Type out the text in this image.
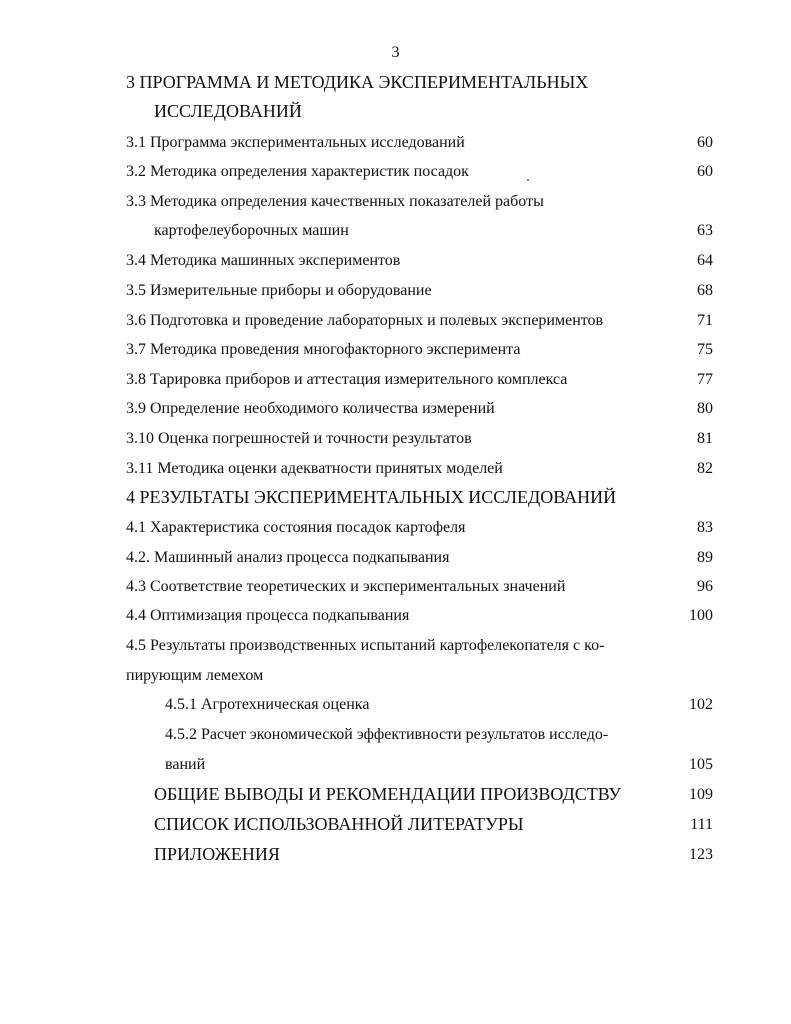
3
3 ПРОГРАММА И МЕТОДИКА ЭКСПЕРИМЕНТАЛЬНЫХ
ИССЛЕДОВАНИЙ
3.1 Программа экспериментальных исследований	60
3.2 Методика определения характеристик посадок	60
3.3 Методика определения качественных показателей работы
картофелеуборочных машин	63
3.4 Методика машинных экспериментов	64
3.5 Измерительные приборы и оборудование	68
3.6 Подготовка и проведение лабораторных и полевых экспериментов	71
3.7 Методика проведения многофакторного эксперимента	75
3.8 Тарировка приборов и аттестация измерительного комплекса	77
3.9 Определение необходимого количества измерений	80
3.10 Оценка погрешностей и точности результатов	81
3.11 Методика оценки адекватности принятых моделей	82
4 РЕЗУЛЬТАТЫ ЭКСПЕРИМЕНТАЛЬНЫХ ИССЛЕДОВАНИЙ
4.1 Характеристика состояния посадок картофеля	83
4.2. Машинный анализ процесса подкапывания	89
4.3 Соответствие теоретических и экспериментальных значений	96
4.4 Оптимизация процесса подкапывания	100
4.5 Результаты производственных испытаний картофелекопателя с ко-
пирующим лемехом
4.5.1 Агротехническая оценка	102
4.5.2 Расчет экономической эффективности результатов исследо-
ваний	105
ОБЩИЕ ВЫВОДЫ И РЕКОМЕНДАЦИИ ПРОИЗВОДСТВУ	109
СПИСОК ИСПОЛЬЗОВАННОЙ ЛИТЕРАТУРЫ	111
ПРИЛОЖЕНИЯ	123
